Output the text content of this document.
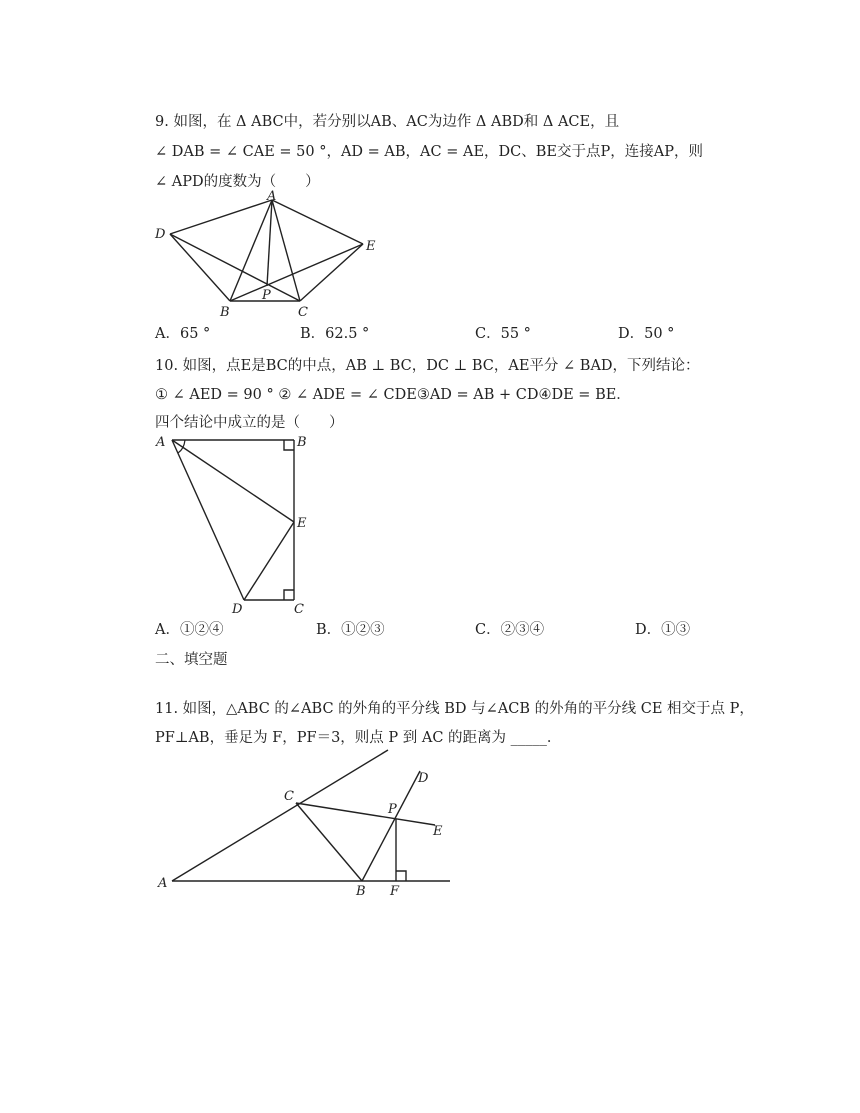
9. 如图，在 Δ ABC中，若分别以AB、AC为边作 Δ ABD和 Δ ACE，且
∠ DAB = ∠ CAE = 50 °，AD = AB，AC = AE，DC、BE交于点P，连接AP，则
∠ APD的度数为（　　）
A
D
E
B	C
P
A．65 °	B．62.5 °	C．55 °	D．50 °
10. 如图，点E是BC的中点，AB ⊥ BC，DC ⊥ BC，AE平分 ∠ BAD，下列结论：
① ∠ AED = 90 ° ② ∠ ADE = ∠ CDE③AD = AB + CD④DE = BE．
四个结论中成立的是（　　）
A	B
E
D	C
A．①②④	B．①②③	C．②③④	D．①③
二、填空题
11. 如图，△ABC 的∠ABC 的外角的平分线 BD 与∠ACB 的外角的平分线 CE 相交于点 P，
PF⊥AB，垂足为 F，PF＝3，则点 P 到 AC 的距离为 _____．
A
B
C
P
D
E
F
